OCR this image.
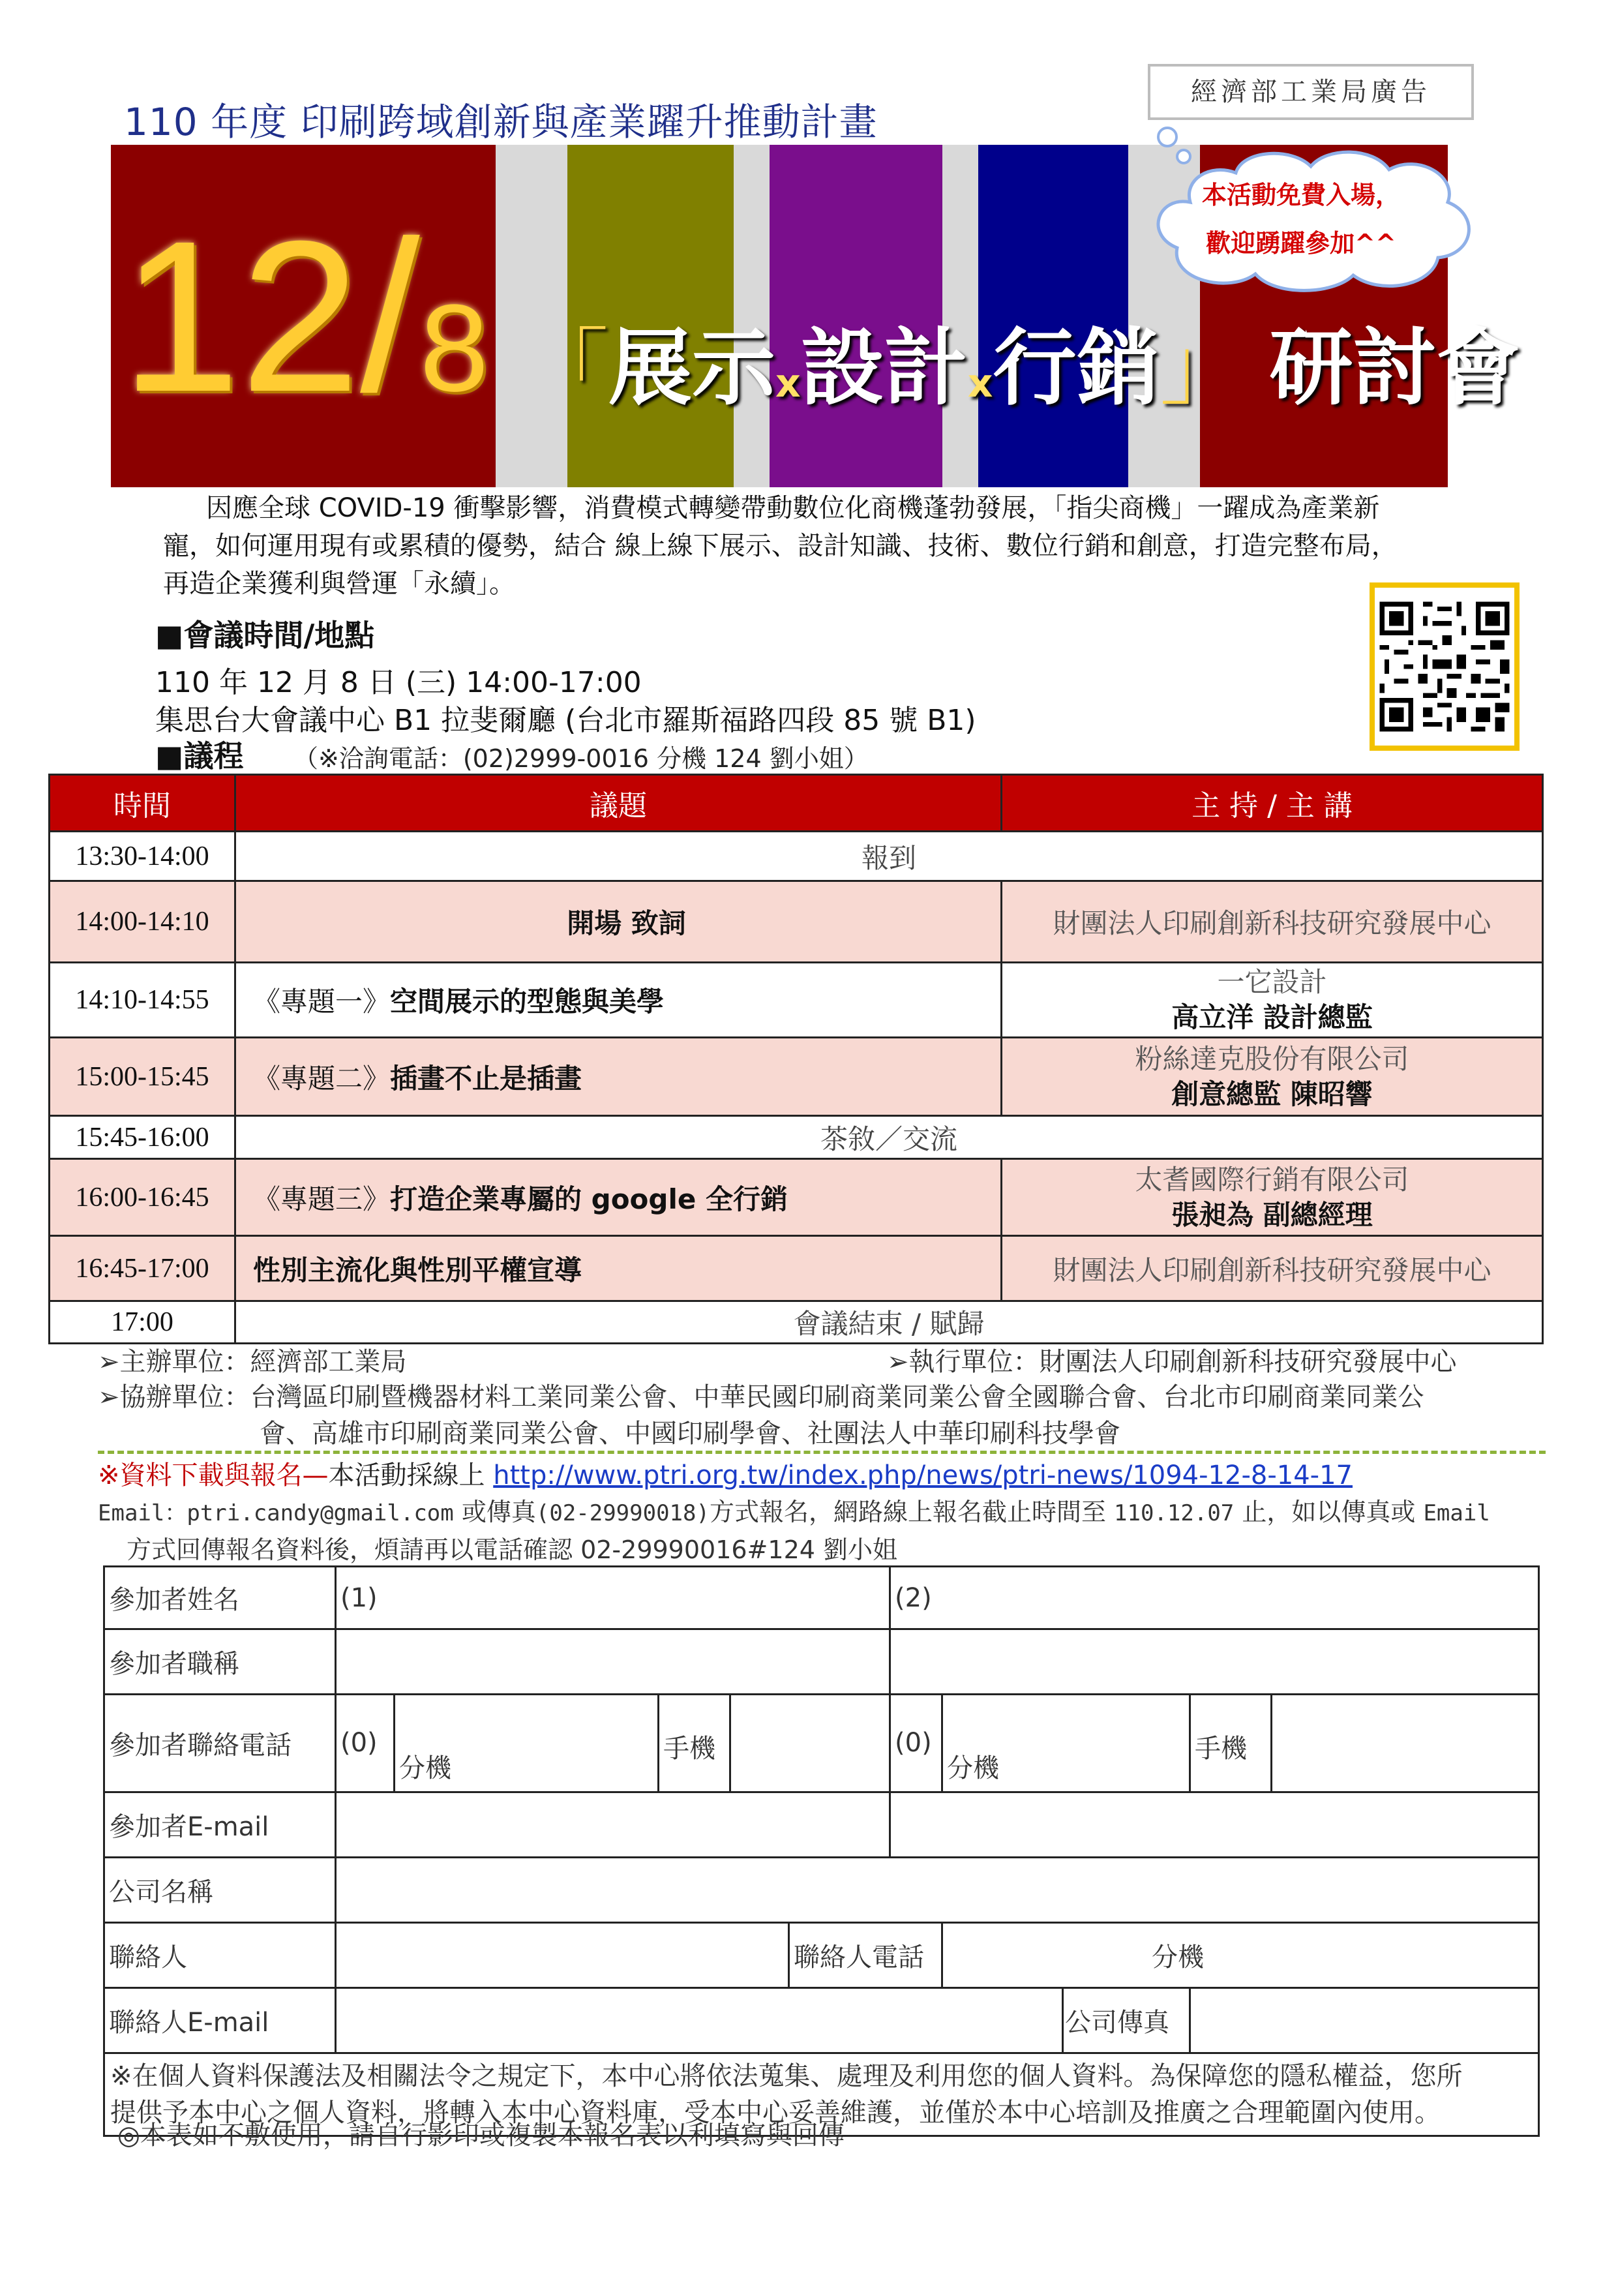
110 年度 印刷跨域創新與產業躍升推動計畫
經濟部工業局廣告
12/8 「展示x設計x行銷」 研討會
本活動免費入場，
歡迎踴躍參加^^

因應全球 COVID-19 衝擊影響，消費模式轉變帶動數位化商機蓬勃發展，「指尖商機」一躍成為產業新

寵，如何運用現有或累積的優勢，結合 線上線下展示、設計知識、技術、數位行銷和創意，打造完整布局，

再造企業獲利與營運「永續」。

■會議時間/地點
110 年 12 月 8 日 (三) 14:00-17:00
集思台大會議中心 B1 拉斐爾廳 (台北市羅斯福路四段 85 號 B1)
■議程 （※洽詢電話：(02)2999-0016 分機 124 劉小姐）
時間	議題	主 持 / 主 講
13:30-14:00	報到	
14:00-14:10	開場 致詞	財團法人印刷創新科技研究發展中心
14:10-14:55	《專題一》空間展示的型態與美學	一它設計
高立洋 設計總監

15:00-15:45	《專題二》插畫不止是插畫	粉絲達克股份有限公司
創意總監 陳昭響

15:45-16:00	茶敘／交流	
16:00-16:45	《專題三》打造企業專屬的 google 全行銷	太耆國際行銷有限公司
張昶為 副總經理

16:45-17:00	性別主流化與性別平權宣導	財團法人印刷創新科技研究發展中心
17:00	會議結束 / 賦歸	
➢主辦單位：經濟部工業局	➢執行單位：財團法人印刷創新科技研究發展中心
➢協辦單位：台灣區印刷暨機器材料工業同業公會、中華民國印刷商業同業公會全國聯合會、台北市印刷商業同業公
會、高雄市印刷商業同業公會、中國印刷學會、社團法人中華印刷科技學會
※資料下載與報名—本活動採線上 http://www.ptri.org.tw/index.php/news/ptri-news/1094-12-8-14-17
Email：ptri.candy@gmail.com 或傳真(02-29990018)方式報名，網路線上報名截止時間至 110.12.07 止，如以傳真或 Email
方式回傳報名資料後，煩請再以電話確認 02-29990016#124 劉小姐
參加者姓名	(1)					(2)				
參加者職稱										
參加者聯絡電話	(0)	分機	手機			(0)	分機		手機	
參加者E-mail										
公司名稱										
聯絡人					聯絡人電話		分機			
聯絡人E-mail								公司傳真		

※在個人資料保護法及相關法令之規定下，本中心將依法蒐集、處理及利用您的個人資料。為保障您的隱私權益，您所
提供予本中心之個人資料，將轉入本中心資料庫，受本中心妥善維護，並僅於本中心培訓及推廣之合理範圍內使用。										
◎本表如不敷使用，請自行影印或複製本報名表以利填寫與回傳
